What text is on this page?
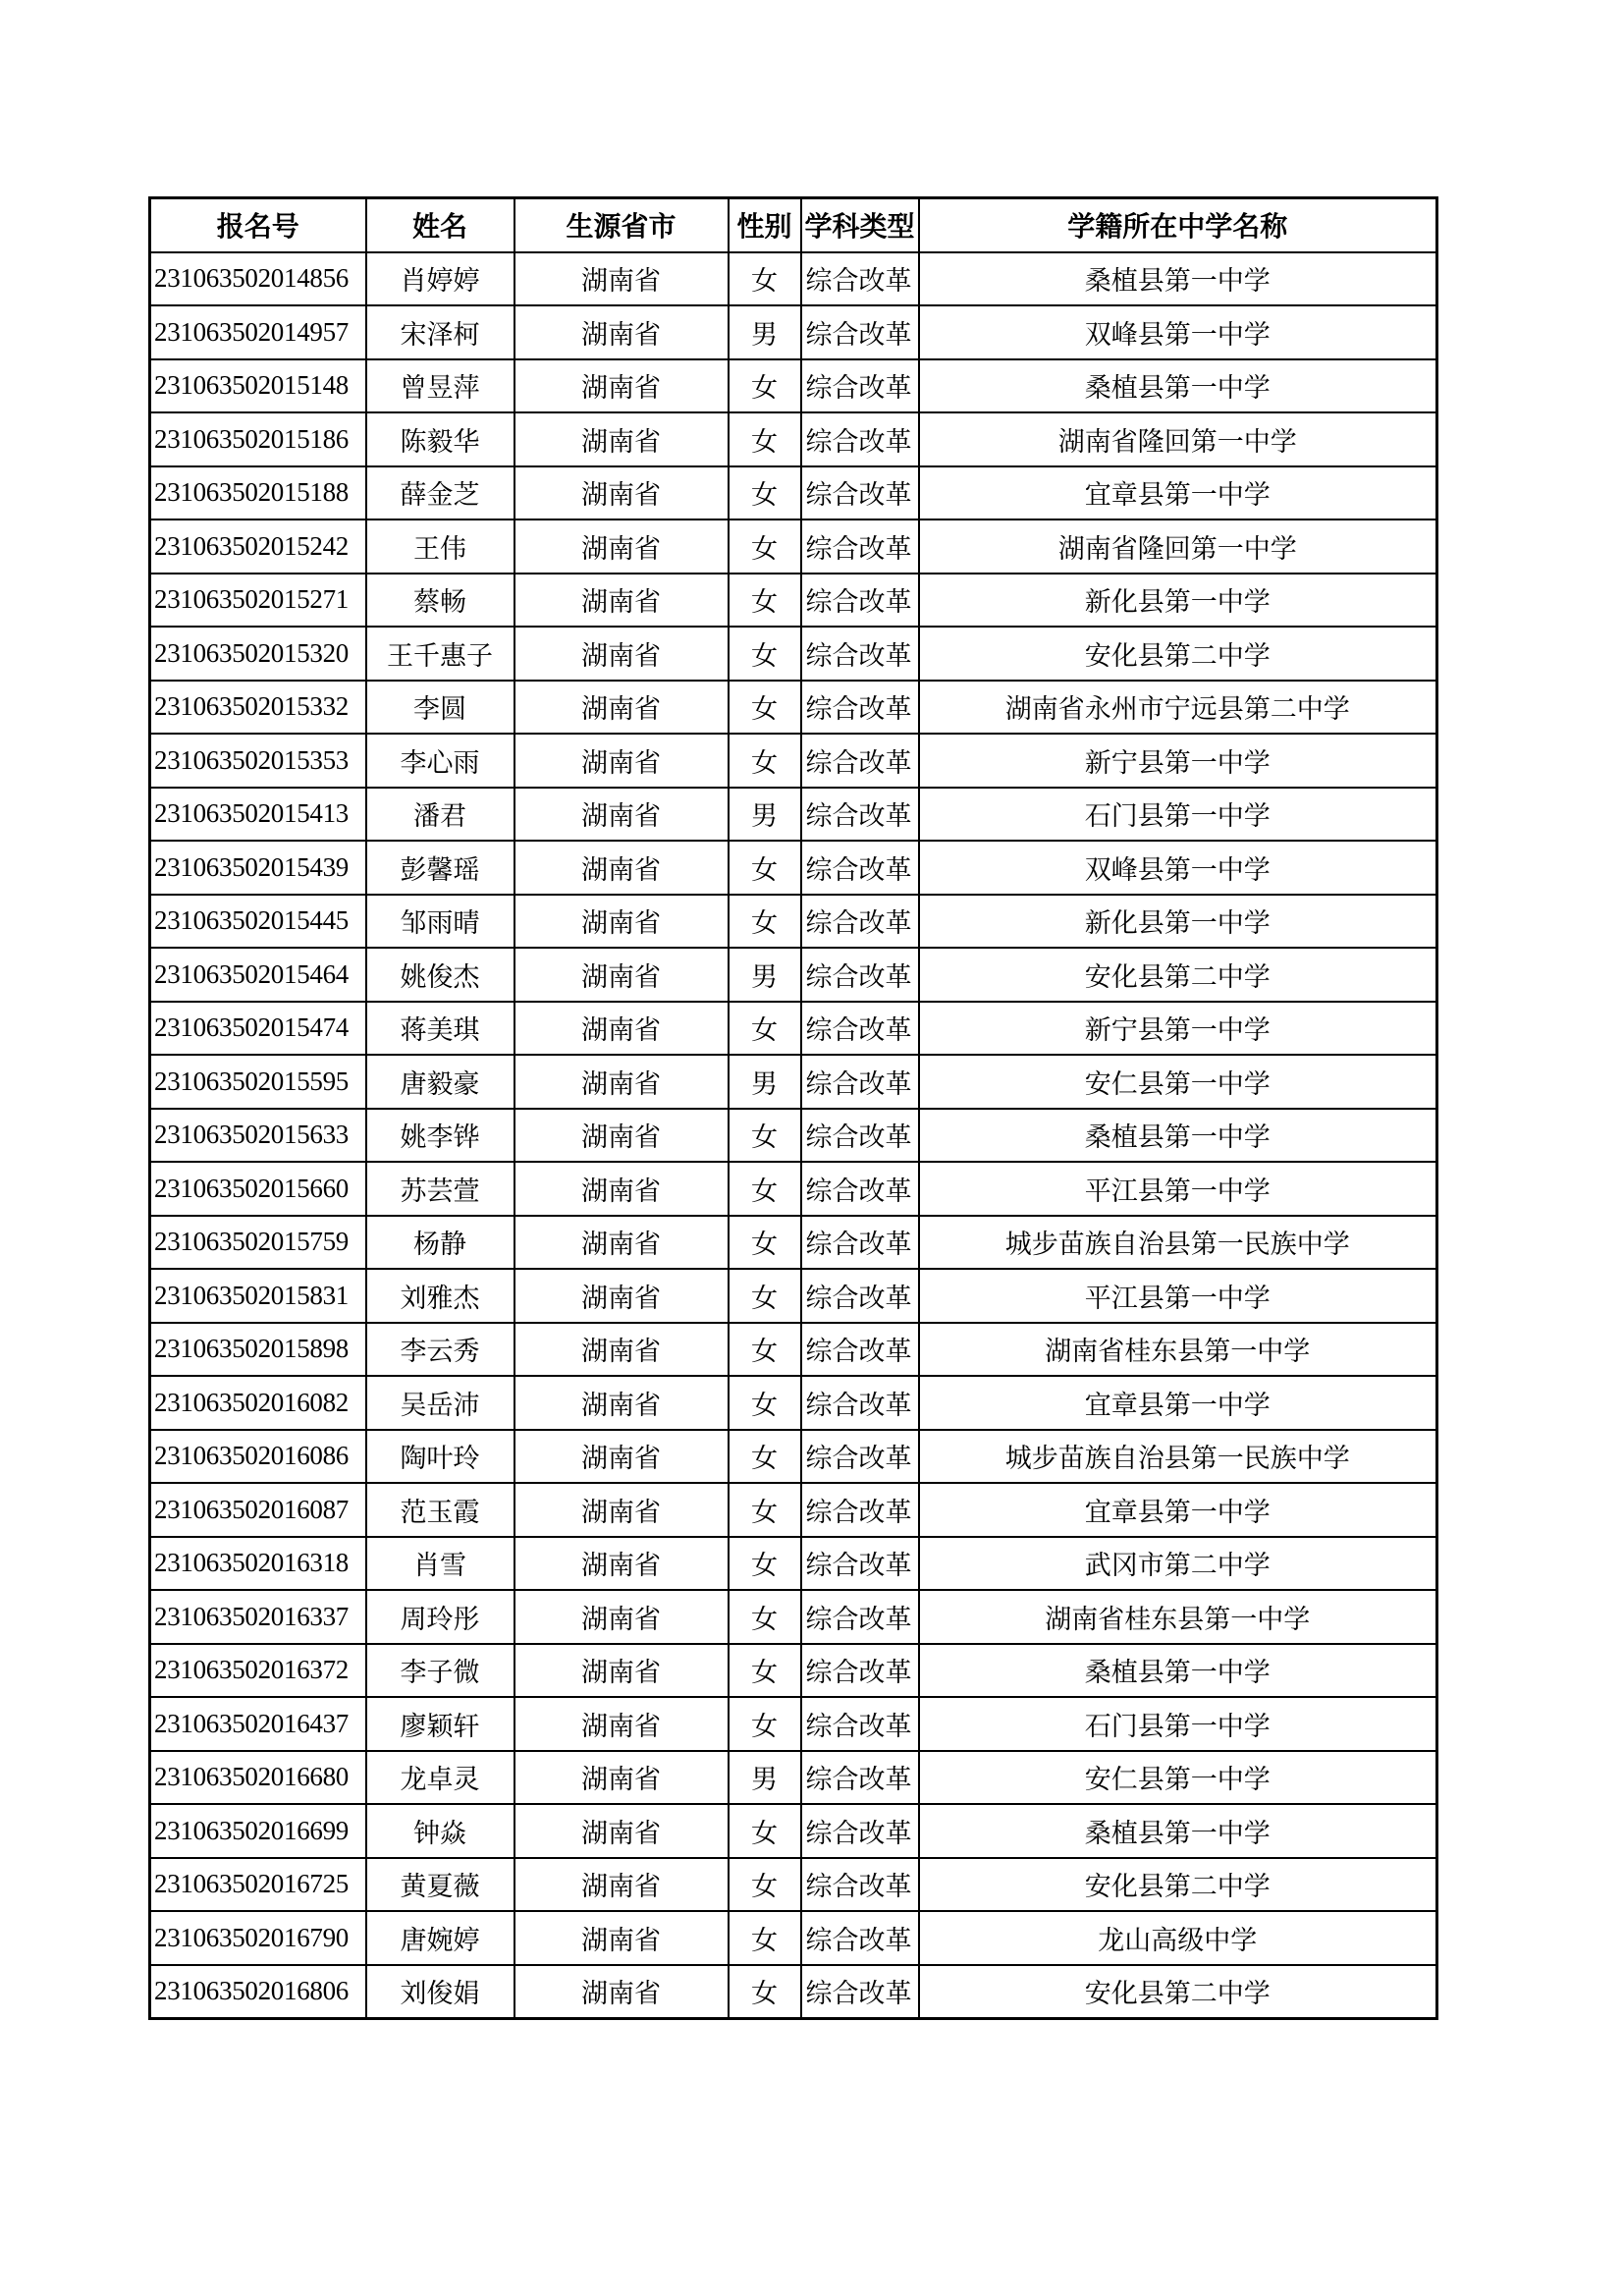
报名号	姓名	生源省市	性别	学科类型	学籍所在中学名称
231063502014856	肖婷婷	湖南省	女	综合改革	桑植县第一中学
231063502014957	宋泽柯	湖南省	男	综合改革	双峰县第一中学
231063502015148	曾昱萍	湖南省	女	综合改革	桑植县第一中学
231063502015186	陈毅华	湖南省	女	综合改革	湖南省隆回第一中学
231063502015188	薛金芝	湖南省	女	综合改革	宜章县第一中学
231063502015242	王伟	湖南省	女	综合改革	湖南省隆回第一中学
231063502015271	蔡畅	湖南省	女	综合改革	新化县第一中学
231063502015320	王千惠子	湖南省	女	综合改革	安化县第二中学
231063502015332	李圆	湖南省	女	综合改革	湖南省永州市宁远县第二中学
231063502015353	李心雨	湖南省	女	综合改革	新宁县第一中学
231063502015413	潘君	湖南省	男	综合改革	石门县第一中学
231063502015439	彭馨瑶	湖南省	女	综合改革	双峰县第一中学
231063502015445	邹雨晴	湖南省	女	综合改革	新化县第一中学
231063502015464	姚俊杰	湖南省	男	综合改革	安化县第二中学
231063502015474	蒋美琪	湖南省	女	综合改革	新宁县第一中学
231063502015595	唐毅豪	湖南省	男	综合改革	安仁县第一中学
231063502015633	姚李铧	湖南省	女	综合改革	桑植县第一中学
231063502015660	苏芸萱	湖南省	女	综合改革	平江县第一中学
231063502015759	杨静	湖南省	女	综合改革	城步苗族自治县第一民族中学
231063502015831	刘雅杰	湖南省	女	综合改革	平江县第一中学
231063502015898	李云秀	湖南省	女	综合改革	湖南省桂东县第一中学
231063502016082	吴岳沛	湖南省	女	综合改革	宜章县第一中学
231063502016086	陶叶玲	湖南省	女	综合改革	城步苗族自治县第一民族中学
231063502016087	范玉霞	湖南省	女	综合改革	宜章县第一中学
231063502016318	肖雪	湖南省	女	综合改革	武冈市第二中学
231063502016337	周玲彤	湖南省	女	综合改革	湖南省桂东县第一中学
231063502016372	李子微	湖南省	女	综合改革	桑植县第一中学
231063502016437	廖颖轩	湖南省	女	综合改革	石门县第一中学
231063502016680	龙卓灵	湖南省	男	综合改革	安仁县第一中学
231063502016699	钟焱	湖南省	女	综合改革	桑植县第一中学
231063502016725	黄夏薇	湖南省	女	综合改革	安化县第二中学
231063502016790	唐婉婷	湖南省	女	综合改革	龙山高级中学
231063502016806	刘俊娟	湖南省	女	综合改革	安化县第二中学
